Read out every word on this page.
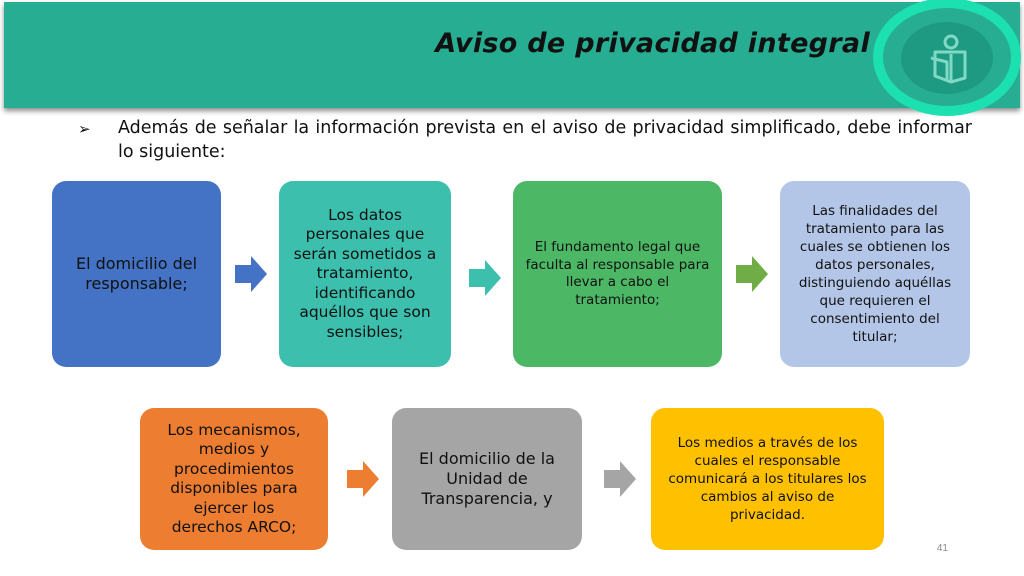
Aviso de privacidad integral
➢	Además de señalar la información prevista en el aviso de privacidad simplificado, debe informar lo siguiente:
El domicilio del responsable;
Los datos personales que serán sometidos a tratamiento, identificando aquéllos que son sensibles;
El fundamento legal que faculta al responsable para llevar a cabo el tratamiento;
Las finalidades del tratamiento para las cuales se obtienen los datos personales, distinguiendo aquéllas que requieren el consentimiento del titular;
Los mecanismos, medios y procedimientos disponibles para ejercer los derechos ARCO;
El domicilio de la Unidad de Transparencia, y
Los medios a través de los cuales el responsable comunicará a los titulares los cambios al aviso de privacidad.
41
